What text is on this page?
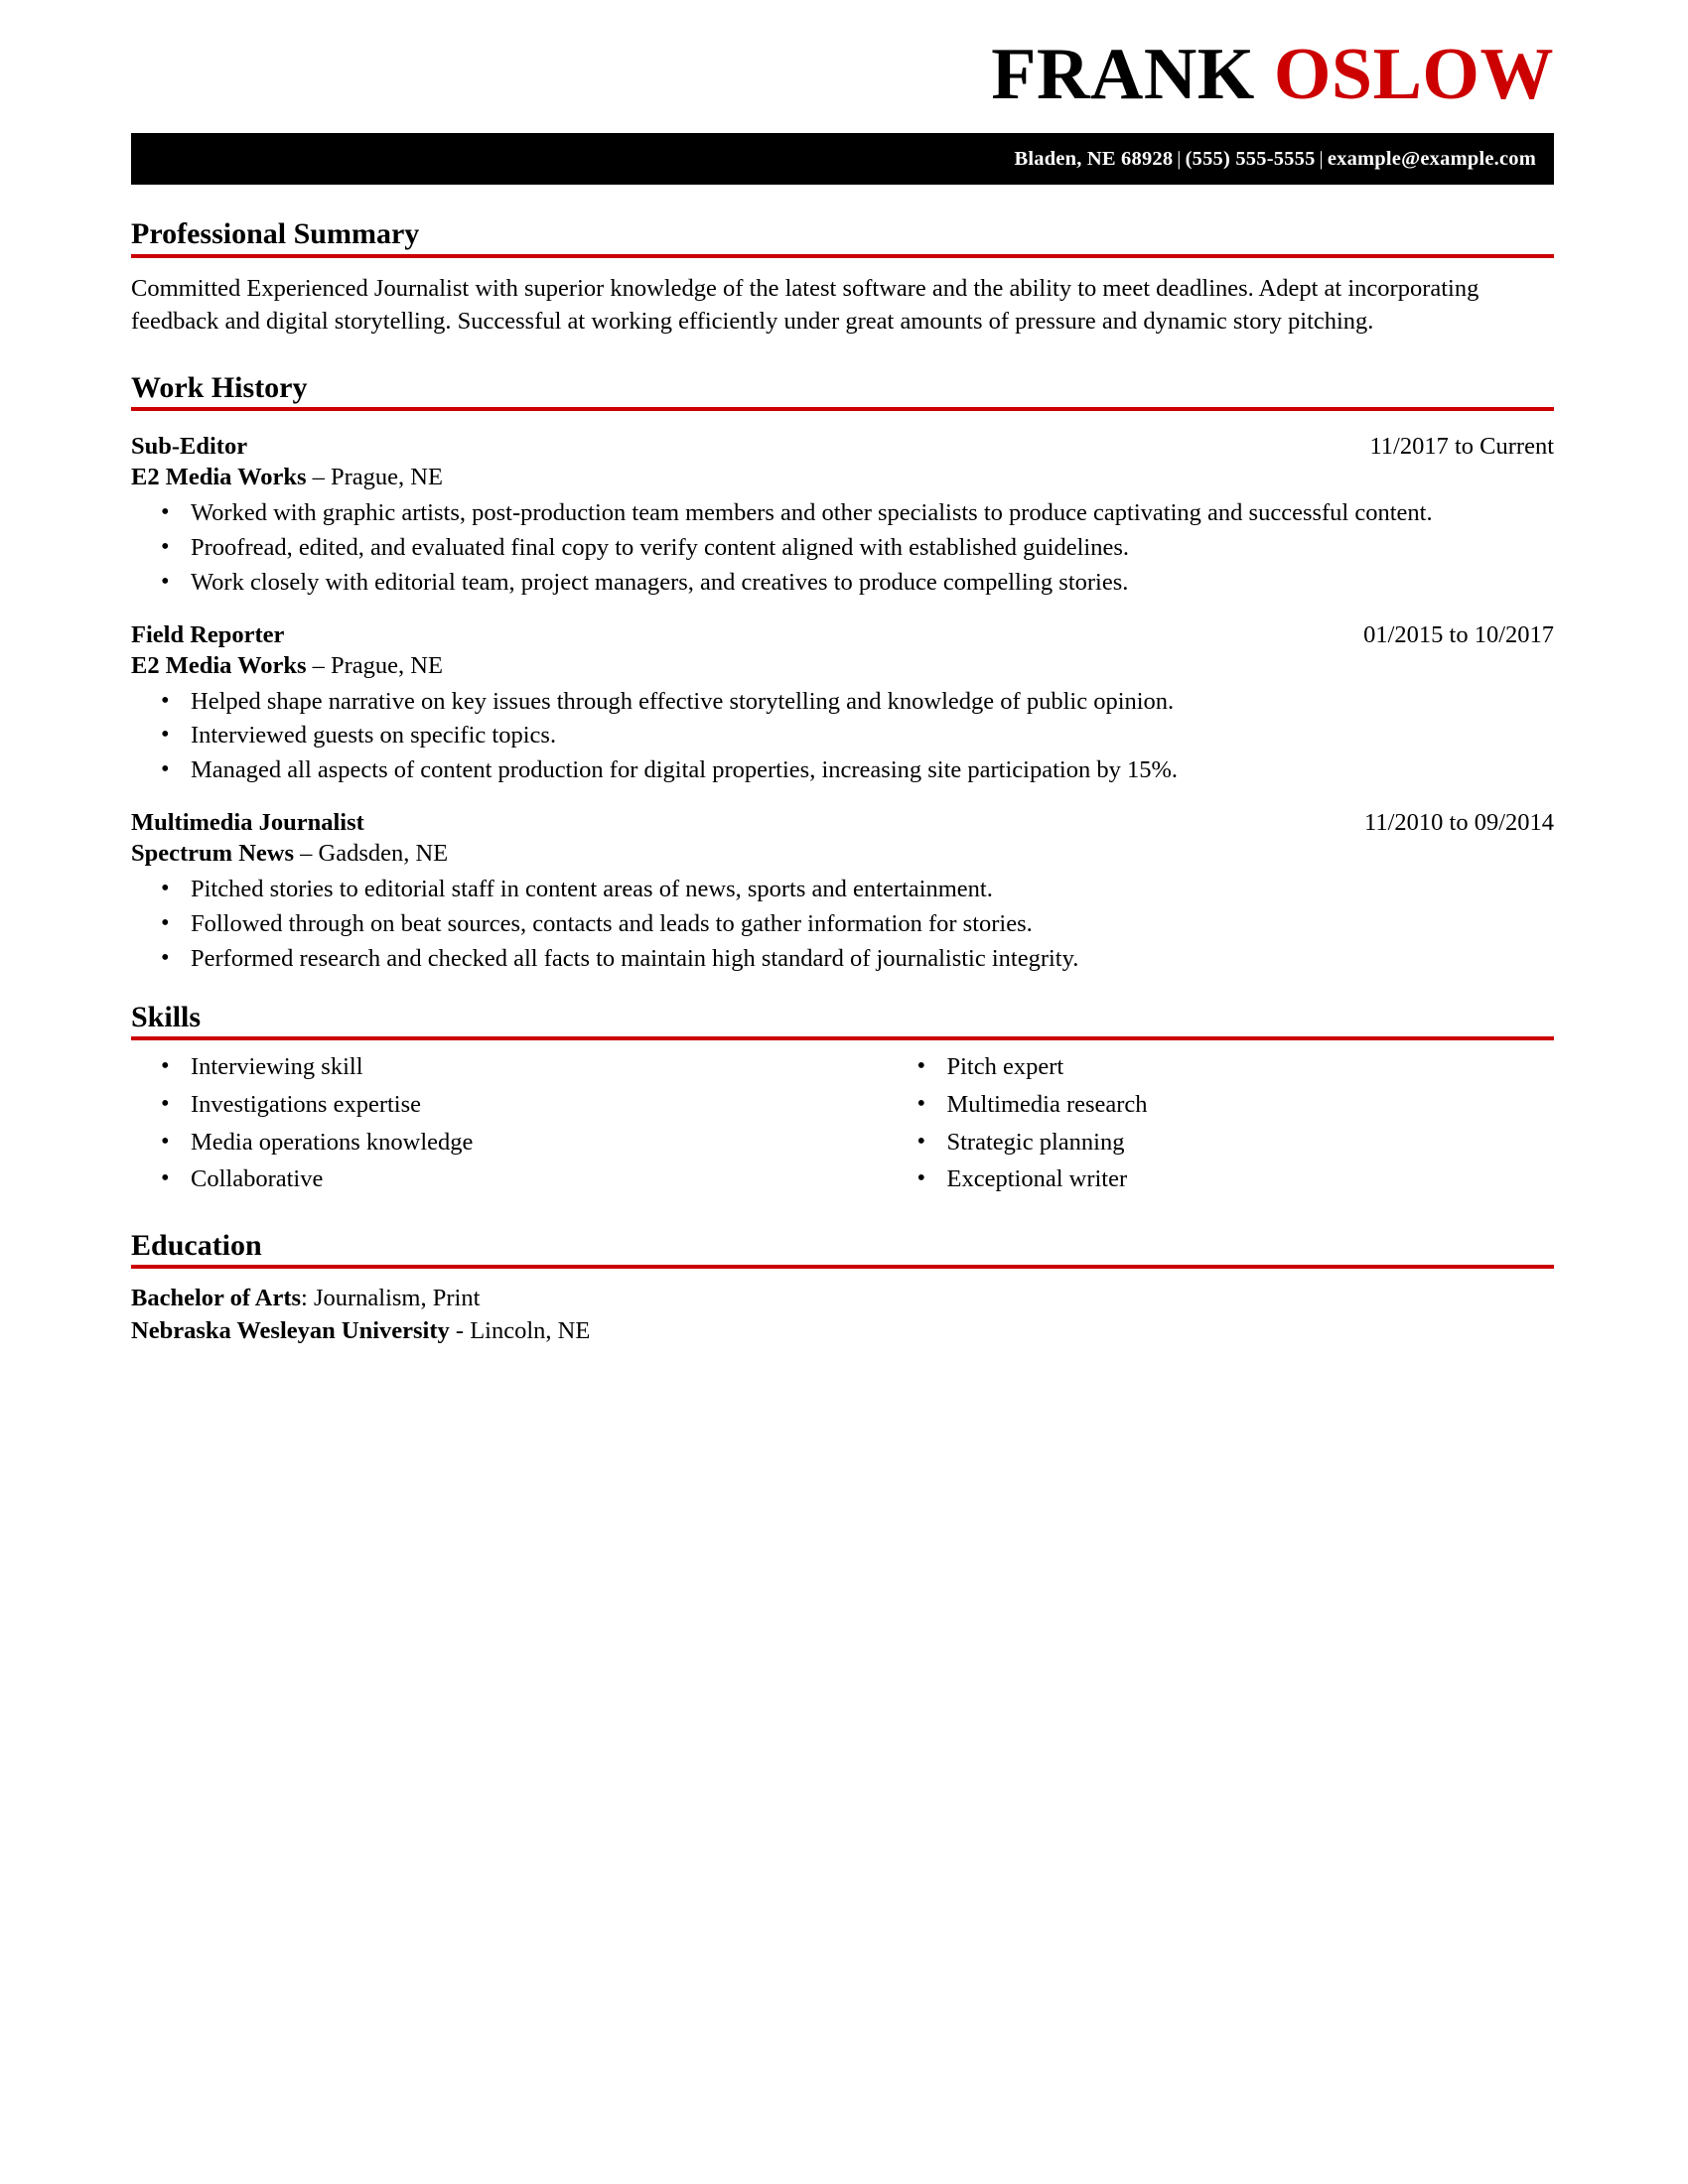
FRANK OSLOW
Bladen, NE 68928 | (555) 555-5555 | example@example.com
Professional Summary
Committed Experienced Journalist with superior knowledge of the latest software and the ability to meet deadlines. Adept at incorporating feedback and digital storytelling. Successful at working efficiently under great amounts of pressure and dynamic story pitching.
Work History
Sub-Editor	11/2017 to Current
E2 Media Works – Prague, NE
• Worked with graphic artists, post-production team members and other specialists to produce captivating and successful content.
• Proofread, edited, and evaluated final copy to verify content aligned with established guidelines.
• Work closely with editorial team, project managers, and creatives to produce compelling stories.
Field Reporter	01/2015 to 10/2017
E2 Media Works – Prague, NE
• Helped shape narrative on key issues through effective storytelling and knowledge of public opinion.
• Interviewed guests on specific topics.
• Managed all aspects of content production for digital properties, increasing site participation by 15%.
Multimedia Journalist	11/2010 to 09/2014
Spectrum News – Gadsden, NE
• Pitched stories to editorial staff in content areas of news, sports and entertainment.
• Followed through on beat sources, contacts and leads to gather information for stories.
• Performed research and checked all facts to maintain high standard of journalistic integrity.
Skills
• Interviewing skill
• Investigations expertise
• Media operations knowledge
• Collaborative
• Pitch expert
• Multimedia research
• Strategic planning
• Exceptional writer
Education
Bachelor of Arts: Journalism, Print
Nebraska Wesleyan University - Lincoln, NE
